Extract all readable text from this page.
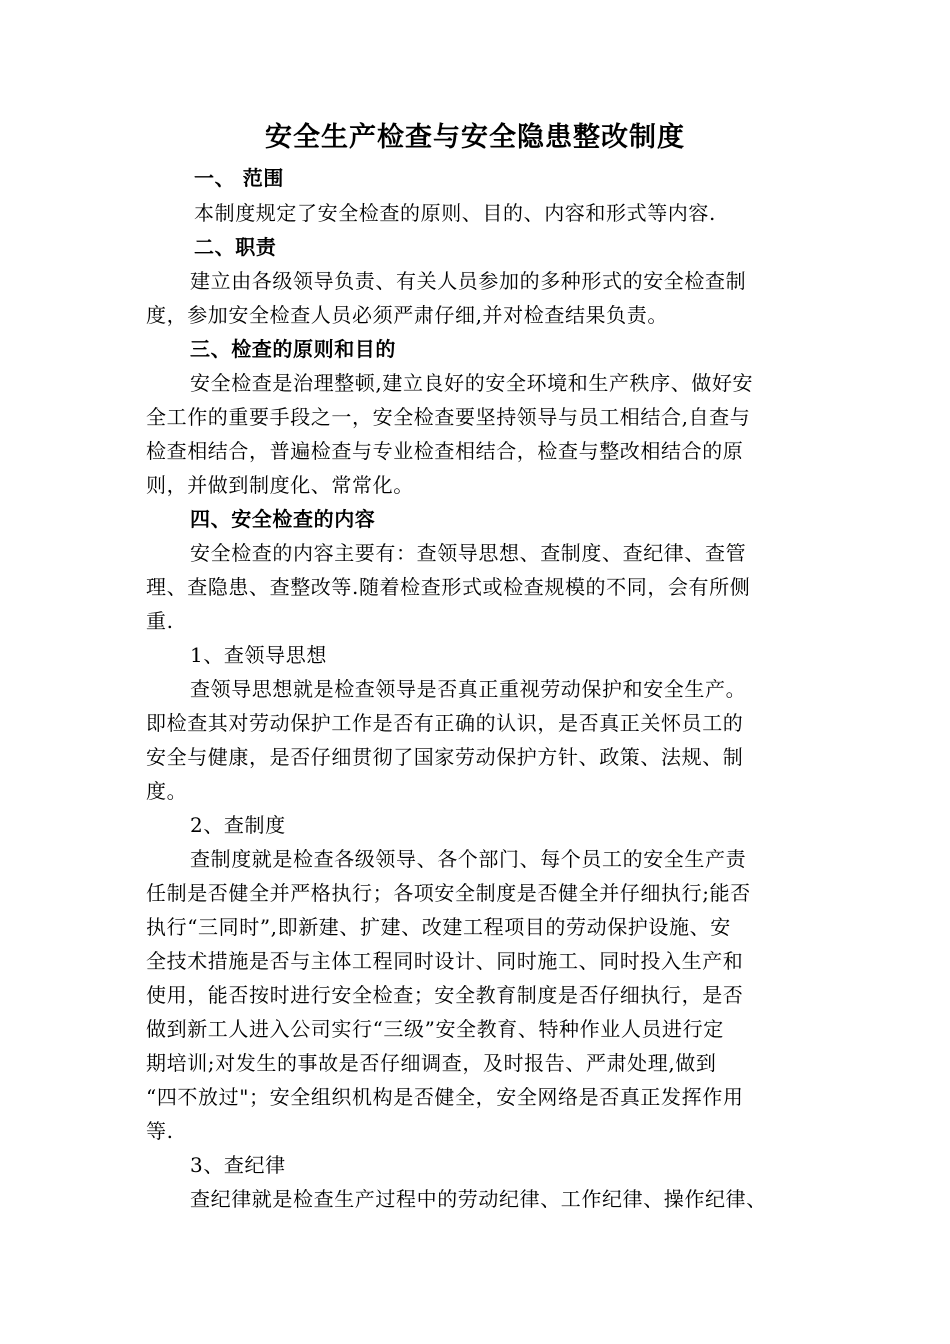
安全生产检查与安全隐患整改制度
一、 范围
本制度规定了安全检查的原则、目的、内容和形式等内容.
二、职责
建立由各级领导负责、有关人员参加的多种形式的安全检查制
度，参加安全检查人员必须严肃仔细,并对检查结果负责。
三、检查的原则和目的
安全检查是治理整顿,建立良好的安全环境和生产秩序、做好安
全工作的重要手段之一，安全检查要坚持领导与员工相结合,自查与
检查相结合，普遍检查与专业检查相结合，检查与整改相结合的原
则，并做到制度化、常常化。
四、安全检查的内容
安全检查的内容主要有：查领导思想、查制度、查纪律、查管
理、查隐患、查整改等.随着检查形式或检查规模的不同，会有所侧
重.
1、查领导思想
查领导思想就是检查领导是否真正重视劳动保护和安全生产。
即检查其对劳动保护工作是否有正确的认识，是否真正关怀员工的
安全与健康，是否仔细贯彻了国家劳动保护方针、政策、法规、制
度。
2、查制度
查制度就是检查各级领导、各个部门、每个员工的安全生产责
任制是否健全并严格执行；各项安全制度是否健全并仔细执行;能否
执行“三同时”,即新建、扩建、改建工程项目的劳动保护设施、安
全技术措施是否与主体工程同时设计、同时施工、同时投入生产和
使用，能否按时进行安全检查；安全教育制度是否仔细执行，是否
做到新工人进入公司实行“三级”安全教育、特种作业人员进行定
期培训;对发生的事故是否仔细调查，及时报告、严肃处理,做到
“四不放过"；安全组织机构是否健全，安全网络是否真正发挥作用
等.
3、查纪律
查纪律就是检查生产过程中的劳动纪律、工作纪律、操作纪律、
